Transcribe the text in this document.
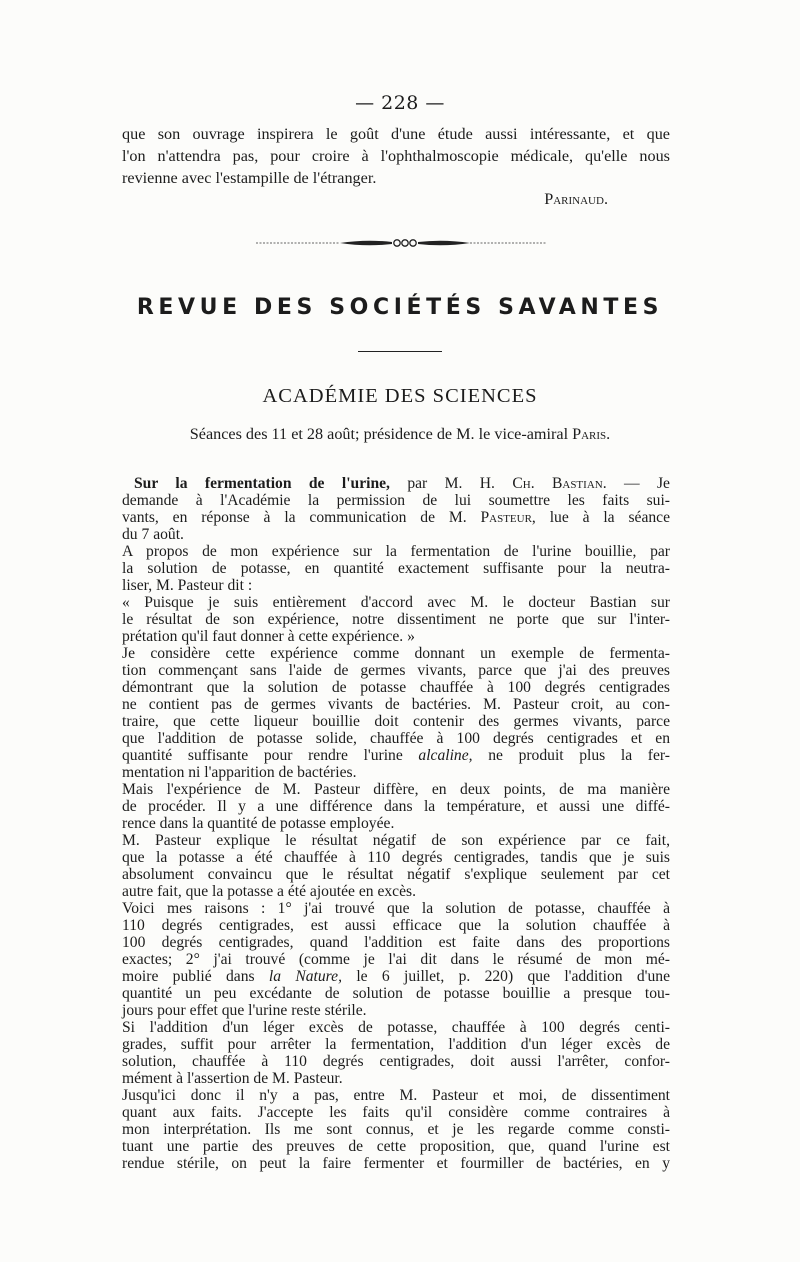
— 228 —
que son ouvrage inspirera le goût d'une étude aussi intéressante, et que
l'on n'attendra pas, pour croire à l'ophthalmoscopie médicale, qu'elle nous
revienne avec l'estampille de l'étranger.
Parinaud.
REVUE DES SOCIÉTÉS SAVANTES
ACADÉMIE DES SCIENCES
Séances des 11 et 28 août; présidence de M. le vice-amiral Paris.
Sur la fermentation de l'urine, par M. H. Ch. Bastian. — Je
demande à l'Académie la permission de lui soumettre les faits sui-
vants, en réponse à la communication de M. Pasteur, lue à la séance
du 7 août.
A propos de mon expérience sur la fermentation de l'urine bouillie, par
la solution de potasse, en quantité exactement suffisante pour la neutra-
liser, M. Pasteur dit :
« Puisque je suis entièrement d'accord avec M. le docteur Bastian sur
le résultat de son expérience, notre dissentiment ne porte que sur l'inter-
prétation qu'il faut donner à cette expérience. »
Je considère cette expérience comme donnant un exemple de fermenta-
tion commençant sans l'aide de germes vivants, parce que j'ai des preuves
démontrant que la solution de potasse chauffée à 100 degrés centigrades
ne contient pas de germes vivants de bactéries. M. Pasteur croit, au con-
traire, que cette liqueur bouillie doit contenir des germes vivants, parce
que l'addition de potasse solide, chauffée à 100 degrés centigrades et en
quantité suffisante pour rendre l'urine alcaline, ne produit plus la fer-
mentation ni l'apparition de bactéries.
Mais l'expérience de M. Pasteur diffère, en deux points, de ma manière
de procéder. Il y a une différence dans la température, et aussi une diffé-
rence dans la quantité de potasse employée.
M. Pasteur explique le résultat négatif de son expérience par ce fait,
que la potasse a été chauffée à 110 degrés centigrades, tandis que je suis
absolument convaincu que le résultat négatif s'explique seulement par cet
autre fait, que la potasse a été ajoutée en excès.
Voici mes raisons : 1° j'ai trouvé que la solution de potasse, chauffée à
110 degrés centigrades, est aussi efficace que la solution chauffée à
100 degrés centigrades, quand l'addition est faite dans des proportions
exactes; 2° j'ai trouvé (comme je l'ai dit dans le résumé de mon mé-
moire publié dans la Nature, le 6 juillet, p. 220) que l'addition d'une
quantité un peu excédante de solution de potasse bouillie a presque tou-
jours pour effet que l'urine reste stérile.
Si l'addition d'un léger excès de potasse, chauffée à 100 degrés centi-
grades, suffit pour arrêter la fermentation, l'addition d'un léger excès de
solution, chauffée à 110 degrés centigrades, doit aussi l'arrêter, confor-
mément à l'assertion de M. Pasteur.
Jusqu'ici donc il n'y a pas, entre M. Pasteur et moi, de dissentiment
quant aux faits. J'accepte les faits qu'il considère comme contraires à
mon interprétation. Ils me sont connus, et je les regarde comme consti-
tuant une partie des preuves de cette proposition, que, quand l'urine est
rendue stérile, on peut la faire fermenter et fourmiller de bactéries, en y
